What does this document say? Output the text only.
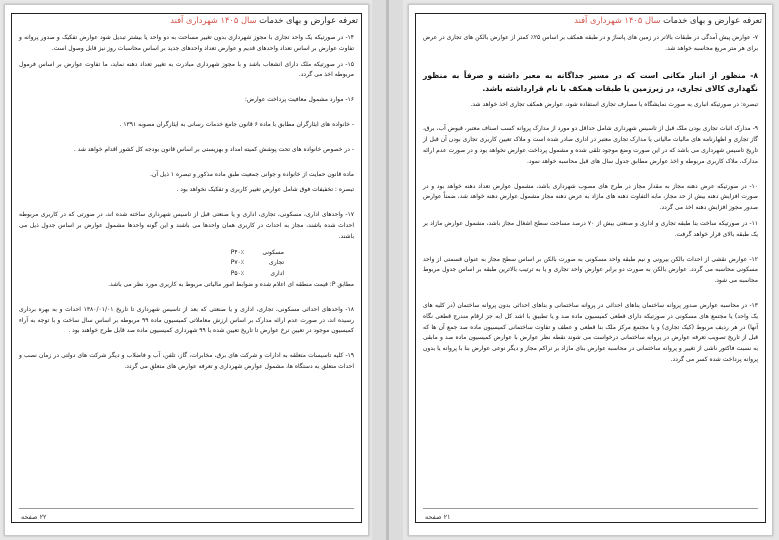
تعرفه عوارض و بهای خدمات سال ۱۴۰۵ شهرداری آفند

۱۴- در صورتیکه یک واحد تجاری با مجوز شهرداری بدون تغییر مساحت به دو واحد یا بیشتر تبدیل شود عوارض تفکیک و صدور پروانه و تفاوت عوارض بر اساس تعداد واحدهای قدیم و عوارض تعداد واحدهای جدید بر اساس محاسبات روز نیز قابل وصول است.

۱۵- در صورتیکه ملک دارای انشعاب باشد و با مجوز شهرداری مبادرت به تغییر تعداد دهنه نماید، ما تفاوت عوارض بر اساس فرمول مربوطه اخذ می گردد.

۱۶- موارد مشمول معافیت پرداخت عوارض:

- خانواده های ایثارگران مطابق با ماده ۶ قانون جامع خدمات رسانی به ایثارگران مصوبه ۱۳۹۱ .

- در خصوص خانواده های تحت پوشش کمیته امداد و بهزیستی بر اساس قانون بودجه کل کشور اقدام خواهد شد .

ماده قانون حمایت از خانواده و جوانی جمعیت طبق ماده مذکور و تبصره ۱ ذیل آن.

تبصره : تخفیفات فوق شامل عوارض تغییر کاربری و تفکیک نخواهد بود .

۱۷- واحدهای اداری، مسکونی، تجاری، اداری و یا صنعتی قبل از تاسیس شهرداری ساخته شده اند، در صورتی که در کاربری مربوطه احداث شده باشند، مجاز به احداث در کاربری همان واحدها می باشند و این گونه واحدها مشمول عوارض بر اساس جدول ذیل می باشند.

مسکونیP۴۰٪

تجاریP۷۰٪

اداریP۵۰٪

مطابق P: قیمت منطقه ای اعلام شده و ضوابط امور مالیاتی مربوط به کاربری مورد نظر می باشد.

۱۸- واحدهای احداثی مسکونی، تجاری، اداری و یا صنعتی که بعد از تاسیس شهرداری تا تاریخ ۱۳۸۰/۰۱/۰۱ احداث و به بهره برداری رسیده اند، در صورت عدم ارائه مدارک بر اساس ارزش معاملاتی کمیسیون ماده ۹۹ مربوطه بر اساس سال ساخت و با توجه به آراء کمیسیون موجود در تعیین نرخ عوارض تا تاریخ تعیین شده با ۹۹ شهرداری کمیسیون ماده صد قابل طرح خواهند بود .

۱۹- کلیه تاسیسات متعلقه به ادارات و شرکت های برق، مخابرات، گاز، تلفن، آب و فاضلاب و دیگر شرکت های دولتی در زمان نصب و احداث متعلق به دستگاه ها، مشمول عوارض شهرداری و تعرفه عوارض های متعلق می گردد.

۲۲ صفحه
تعرفه عوارض و بهای خدمات سال ۱۴۰۵ شهرداری آفند

۷- عوارض پیش آمدگی در طبقات بالاتر در زمین های پاساژ و در طبقه همکف بر اساس ۲۵٪ کمتر از عوارض بالکن های تجاری در عرض برای هر متر مربع محاسبه خواهد شد.

۸- منظور از انبار مکانی است که در مسیر جداگانه به معبر داشته و صرفاً به منظور نگهداری کالای تجاری، در زیرزمین یا طبقات همکف با نام قرارداشته باشد.

تبصره: در صورتیکه انباری به صورت نمایشگاه یا مصارف تجاری استفاده شود، عوارض همکف تجاری اخذ خواهد شد.

۹- مدارک اثبات تجاری بودن ملک قبل از تاسیس شهرداری شامل حداقل دو مورد از مدارک پروانه کسب اصناف معتبر، قبوض آب، برق، گاز تجاری و اظهارنامه های مالیات مالیاتی یا مدارک تجاری معتبر در اداری صادر شده است و ملاک تعیین کاربری تجاری بودن آن قبل از تاریخ تاسیس شهرداری می باشد که در این صورت وضع موجود تلقی شده و مشمول پرداخت عوارض نخواهد بود و در صورت عدم ارائه مدارک، ملاک کاربری مربوطه و اخذ عوارض مطابق جدول سال های قبل محاسبه خواهد نمود.

۱۰- در صورتیکه عرض دهنه مجاز به مقدار مجاز در طرح های مصوب شهرداری باشد، مشمول عوارض تعداد دهنه خواهد بود و در صورت افزایش دهنه بیش از حد مجاز، مابه التفاوت دهنه های مازاد به عرض دهنه مجاز مشمول عوارض دهنه خواهد شد، ضمناً عوارض صدور مجوز افزایش دهنه اخذ می گردد.

۱۱- در صورتیکه ساخت بنا طبقه تجاری و اداری و صنعتی بیش از ۷۰ درصد مساحت سطح اشغال مجاز باشد، مشمول عوارض مازاد بر یک طبقه بالای قرار خواهد گرفت.

۱۲- عوارض نقشی از احداث بالکن بیرونی و نیم طبقه واحد مسکونی به صورت بالکن بر اساس سطح مجاز به عنوان قسمتی از واحد مسکونی محاسبه می گردد. عوارض بالکن به صورت دو برابر عوارض واحد تجاری و یا به ترتیب بالاترین طبقه بر اساس جدول مربوط محاسبه می شود.

۱۳- در محاسبه عوارض صدور پروانه ساختمان بناهای احداثی در پروانه ساختمانی و بناهای احداثی بدون پروانه ساختمان (در کلیه های یک واحد) یا مجتمع های مسکونی در صورتیکه دارای قطعی کمیسیون ماده صد و یا تطبیق با اشد کل (به جز ارقام مندرج قطعی نگاه آنها) در هر ردیف مربوط (کیک تجاری) و یا مجتمع مرکز ملک بنا قطعی و عطف و تفاوت ساختمانی کمیسیون ماده صد جمع آن ها که قبل از تاریخ تصویب تعرفه عوارض در پروانه ساختمانی درخواست می شوند نقطه نظر عوارض با عوارض کمیسیون ماده صد و مابقی به نسبت فاکتور ناشی از تغییر و پروانه ساختمانی در محاسبه عوارض بنای مازاد بر تراکم مجاز و دیگر نوعی عوارض بنا با پروانه یا بدون پروانه پرداخت شده کسر می گردد.

۲۱ صفحه
